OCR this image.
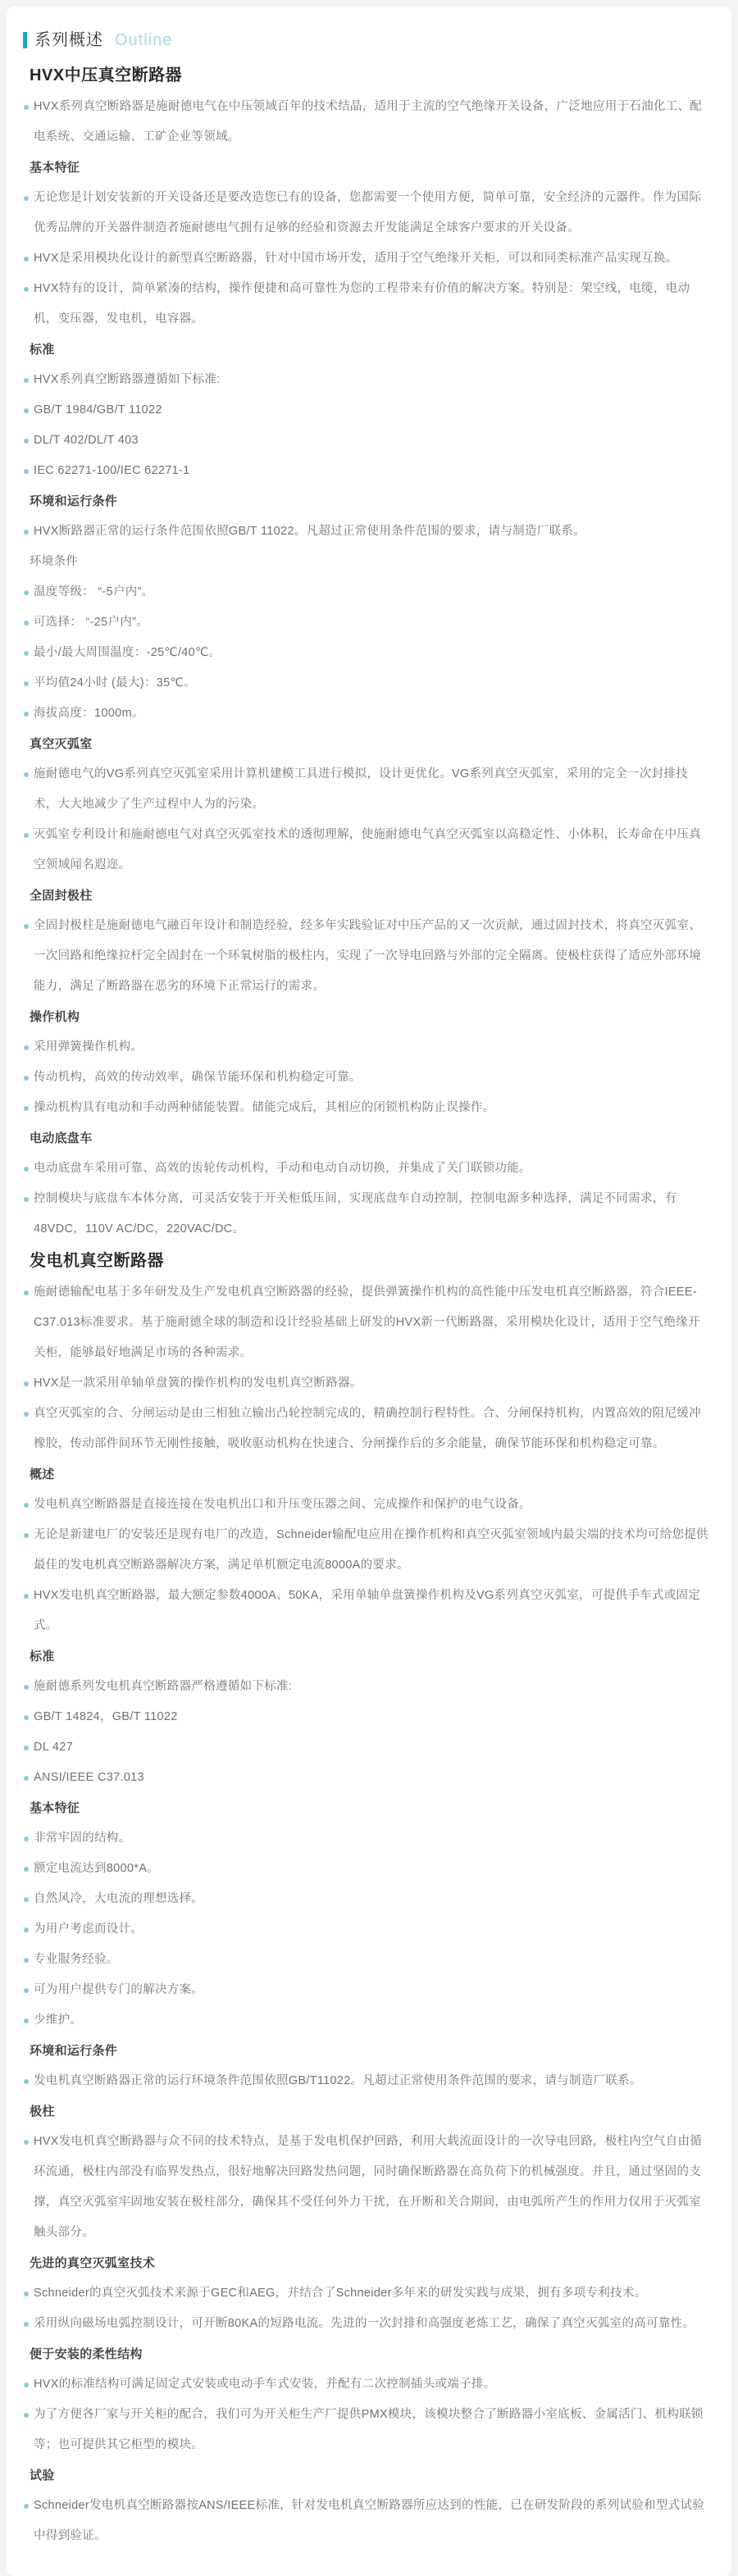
系列概述 Outline
HVX中压真空断路器
HVX系列真空断路器是施耐德电气在中压领域百年的技术结晶，适用于主流的空气绝缘开关设备，广泛地应用于石油化工、配电系统、交通运输、工矿企业等领域。
基本特征
无论您是计划安装新的开关设备还是要改造您已有的设备，您都需要一个使用方便，简单可靠，安全经济的元器件。作为国际优秀品牌的开关器件制造者施耐德电气拥有足够的经验和资源去开发能满足全球客户要求的开关设备。
HVX是采用模块化设计的新型真空断路器，针对中国市场开发，适用于空气绝缘开关柜，可以和同类标准产品实现互换。
HVX特有的设计，简单紧凑的结构，操作便捷和高可靠性为您的工程带来有价值的解决方案。特别是：架空线，电缆，电动机，变压器，发电机，电容器。
标准
HVX系列真空断路器遵循如下标准:
GB/T 1984/GB/T 11022
DL/T 402/DL/T 403
IEC 62271-100/IEC 62271-1
环境和运行条件
HVX断路器正常的运行条件范围依照GB/T 11022。凡超过正常使用条件范围的要求，请与制造厂联系。
环境条件
温度等级： “-5户内”。
可选择： “-25户内”。
最小/最大周围温度：-25℃/40℃。
平均值24小时 (最大)：35℃。
海拔高度：1000m。
真空灭弧室
施耐德电气的VG系列真空灭弧室采用计算机建模工具进行模拟，设计更优化。VG系列真空灭弧室，采用的完全一次封排技术，大大地减少了生产过程中人为的污染。
灭弧室专利设计和施耐德电气对真空灭弧室技术的透彻理解，使施耐德电气真空灭弧室以高稳定性、小体积，长寿命在中压真空领域闻名遐迩。
全固封极柱
全固封极柱是施耐德电气融百年设计和制造经验，经多年实践验证对中压产品的又一次贡献，通过固封技术，将真空灭弧室、一次回路和绝缘拉杆完全固封在一个环氧树脂的极柱内，实现了一次导电回路与外部的完全隔离。使极柱获得了适应外部环境能力，满足了断路器在恶劣的环境下正常运行的需求。
操作机构
采用弹簧操作机构。
传动机构，高效的传动效率，确保节能环保和机构稳定可靠。
操动机构具有电动和手动两种储能装置。储能完成后，其相应的闭锁机构防止误操作。
电动底盘车
电动底盘车采用可靠、高效的齿轮传动机构，手动和电动自动切换，并集成了关门联锁功能。
控制模块与底盘车本体分离，可灵活安装于开关柜低压间，实现底盘车自动控制，控制电源多种选择，满足不同需求，有48VDC，110V AC/DC，220VAC/DC。
发电机真空断路器
施耐德输配电基于多年研发及生产发电机真空断路器的经验，提供弹簧操作机构的高性能中压发电机真空断路器，符合IEEE-C37.013标准要求。基于施耐德全球的制造和设计经验基础上研发的HVX新一代断路器，采用模块化设计，适用于空气绝缘开关柜，能够最好地满足市场的各种需求。
HVX是一款采用单轴单盘簧的操作机构的发电机真空断路器。
真空灭弧室的合、分闸运动是由三相独立输出凸轮控制完成的，精确控制行程特性。合、分闸保持机构，内置高效的阻尼缓冲橡胶，传动部件间环节无刚性接触，吸收驱动机构在快速合、分闸操作后的多余能量，确保节能环保和机构稳定可靠。
概述
发电机真空断路器是直接连接在发电机出口和升压变压器之间、完成操作和保护的电气设备。
无论是新建电厂的安装还是现有电厂的改造，Schneider输配电应用在操作机构和真空灭弧室领域内最尖端的技术均可给您提供最佳的发电机真空断路器解决方案，满足单机额定电流8000A的要求。
HVX发电机真空断路器，最大额定参数4000A、50KA，采用单轴单盘簧操作机构及VG系列真空灭弧室，可提供手车式或固定式。
标准
施耐德系列发电机真空断路器严格遵循如下标准:
GB/T 14824，GB/T 11022
DL 427
ANSI/IEEE C37.013
基本特征
非常牢固的结构。
额定电流达到8000*A。
自然风冷，大电流的理想选择。
为用户考虑而设计。
专业服务经验。
可为用户提供专门的解决方案。
少维护。
环境和运行条件
发电机真空断路器正常的运行环境条件范围依照GB/T11022。凡超过正常使用条件范围的要求，请与制造厂联系。
极柱
HVX发电机真空断路器与众不同的技术特点，是基于发电机保护回路，利用大载流面设计的一次导电回路，极柱内空气自由循环流通，极柱内部没有临界发热点，很好地解决回路发热问题，同时确保断路器在高负荷下的机械强度。并且，通过坚固的支撑，真空灭弧室牢固地安装在极柱部分，确保其不受任何外力干扰，在开断和关合期间，由电弧所产生的作用力仅用于灭弧室触头部分。
先进的真空灭弧室技术
Schneider的真空灭弧技术来源于GEC和AEG，并结合了Schneider多年来的研发实践与成果，拥有多项专利技术。
采用纵向磁场电弧控制设计，可开断80KA的短路电流。先进的一次封排和高强度老炼工艺，确保了真空灭弧室的高可靠性。
便于安装的柔性结构
HVX的标准结构可满足固定式安装或电动手车式安装，并配有二次控制插头或端子排。
为了方便各厂家与开关柜的配合，我们可为开关柜生产厂提供PMX模块，该模块整合了断路器小室底板、金属活门、机构联锁等；也可提供其它柜型的模块。
试验
Schneider发电机真空断路器按ANS/IEEE标准，针对发电机真空断路器所应达到的性能，已在研发阶段的系列试验和型式试验中得到验证。
